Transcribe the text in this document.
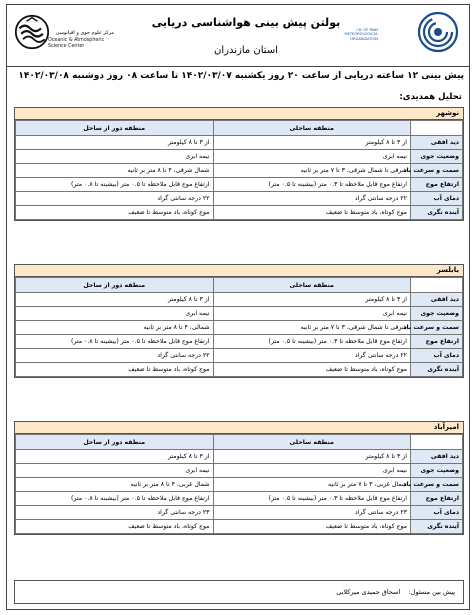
مرکز علوم جوی و اقیانوسی
Oceanic & Atmospheric
Science Center
بولتن پیش بینی هواشناسی دریایی
استان مازندران
I.R. OF IRAN
METEOROLOGICAL
ORGANIZATION
پیش بینی ۱۲ ساعته دریایی از ساعت ۲۰ روز یکشنبه ۱۴۰۲/۰۳/۰۷ تا ساعت ۰۸ روز دوشنبه ۱۴۰۲/۰۳/۰۸
تحلیل همدیدی:
نوشهر
	منطقه ساحلی	منطقه دور از ساحل
دید افقی	از ۳ تا ۸ کیلومتر	از ۳ تا ۸ کیلومتر
وضعیت جوی	نیمه ابری	نیمه ابری
سمت و سرعت باد	شرقی تا شمال شرقی، ۳ تا ۷ متر بر ثانیه	شمال شرقی، ۴ تا ۸ متر بر ثانیه
ارتفاع موج	ارتفاع موج قابل ملاحظه تا ۰.۳ متر (بیشینه تا ۰.۵ متر)	ارتفاع موج قابل ملاحظه تا ۰.۵ متر (بیشینه تا ۰.۸ متر)
دمای آب	۲۲ درجه سانتی گراد	۲۲ درجه سانتی گراد
آینده نگری	موج کوتاه، باد متوسط تا ضعیف	موج کوتاه، باد متوسط تا ضعیف
بابلسر
	منطقه ساحلی	منطقه دور از ساحل
دید افقی	از ۳ تا ۸ کیلومتر	از ۳ تا ۸ کیلومتر
وضعیت جوی	نیمه ابری	نیمه ابری
سمت و سرعت باد	شرقی تا شمال شرقی، ۳ تا ۷ متر بر ثانیه	شمالی، ۴ تا ۸ متر بر ثانیه
ارتفاع موج	ارتفاع موج قابل ملاحظه تا ۰.۳ متر (بیشینه تا ۰.۵ متر)	ارتفاع موج قابل ملاحظه تا ۰.۵ متر (بیشینه تا ۰.۸ متر)
دمای آب	۲۲ درجه سانتی گراد	۲۲ درجه سانتی گراد
آینده نگری	موج کوتاه، باد متوسط تا ضعیف	موج کوتاه، باد متوسط تا ضعیف
امیرآباد
	منطقه ساحلی	منطقه دور از ساحل
دید افقی	از ۳ تا ۸ کیلومتر	از ۳ تا ۸ کیلومتر
وضعیت جوی	نیمه ابری	نیمه ابری
سمت و سرعت باد	شمال غربی، ۳ تا ۷ متر بر ثانیه	شمال غربی، ۴ تا ۸ متر بر ثانیه
ارتفاع موج	ارتفاع موج قابل ملاحظه تا ۰.۳ متر (بیشینه تا ۰.۵ متر)	ارتفاع موج قابل ملاحظه تا ۰.۵ متر (بیشینه تا ۰.۸ متر)
دمای آب	۲۳ درجه سانتی گراد	۲۳ درجه سانتی گراد
آینده نگری	موج کوتاه، باد متوسط تا ضعیف	موج کوتاه، باد متوسط تا ضعیف
پیش بین مسئول:    اسحاق حمیدی میرکلایی
